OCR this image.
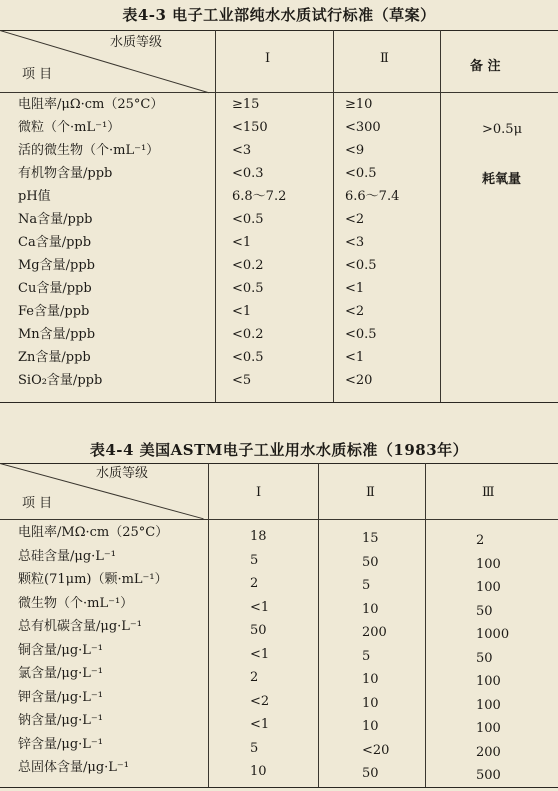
表4-3 电子工业部纯水水质试行标准（草案）
水质等级
项 目
Ⅰ	Ⅱ
备 注
电阻率/μΩ·cm（25°C）	≥15	≥10
微粒（个·mL⁻¹）	<150	<300	>0.5μ
活的微生物（个·mL⁻¹）	<3	<9
有机物含量/ppb	<0.3	<0.5	耗氧量
pH值	6.8～7.2	6.6～7.4
Na含量/ppb	<0.5	<2
Ca含量/ppb	<1	<3
Mg含量/ppb	<0.2	<0.5
Cu含量/ppb	<0.5	<1
Fe含量/ppb	<1	<2
Mn含量/ppb	<0.2	<0.5
Zn含量/ppb	<0.5	<1
SiO₂含量/ppb	<5	<20
表4-4 美国ASTM电子工业用水水质标准（1983年）
水质等级
项 目
Ⅰ	Ⅱ	Ⅲ
电阻率/MΩ·cm（25°C）	18	15	2
总硅含量/μg·L⁻¹	5	50	100
颗粒(71μm)（颗·mL⁻¹）	2	5	100
微生物（个·mL⁻¹）	<1	10	50
总有机碳含量/μg·L⁻¹	50	200	1000
铜含量/μg·L⁻¹	<1	5	50
氯含量/μg·L⁻¹	2	10	100
钾含量/μg·L⁻¹	<2	10	100
钠含量/μg·L⁻¹	<1	10	100
锌含量/μg·L⁻¹	5	<20	200
总固体含量/μg·L⁻¹	10	50	500
